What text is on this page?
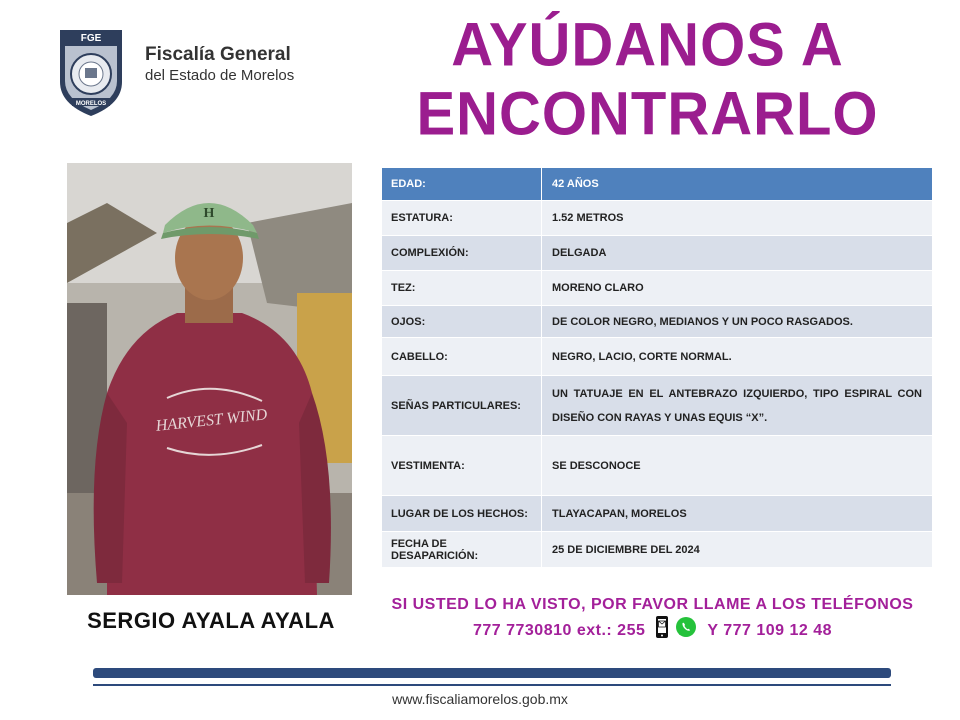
FGE
MORELOS
Fiscalía General
del Estado de Morelos	AYÚDANOS A
ENCONTRARLO
H
HARVEST WIND
SERGIO AYALA AYALA
EDAD:	42 AÑOS
ESTATURA:	1.52 METROS
COMPLEXIÓN:	DELGADA
TEZ:	MORENO CLARO
OJOS:	DE COLOR NEGRO, MEDIANOS Y UN POCO RASGADOS.
CABELLO:	NEGRO, LACIO, CORTE NORMAL.
SEÑAS PARTICULARES:	UN TATUAJE EN EL ANTEBRAZO IZQUIERDO, TIPO ESPIRAL CON DISEÑO CON RAYAS Y UNAS EQUIS “X”.
VESTIMENTA:	SE DESCONOCE
LUGAR DE LOS HECHOS:	TLAYACAPAN, MORELOS
FECHA DE DESAPARICIÓN:	25 DE DICIEMBRE DEL 2024
SI USTED LO HA VISTO, POR FAVOR LLAME A LOS TELÉFONOS
777 7730810 ext.: 255	Y 777 109 12 48
www.fiscaliamorelos.gob.mx
